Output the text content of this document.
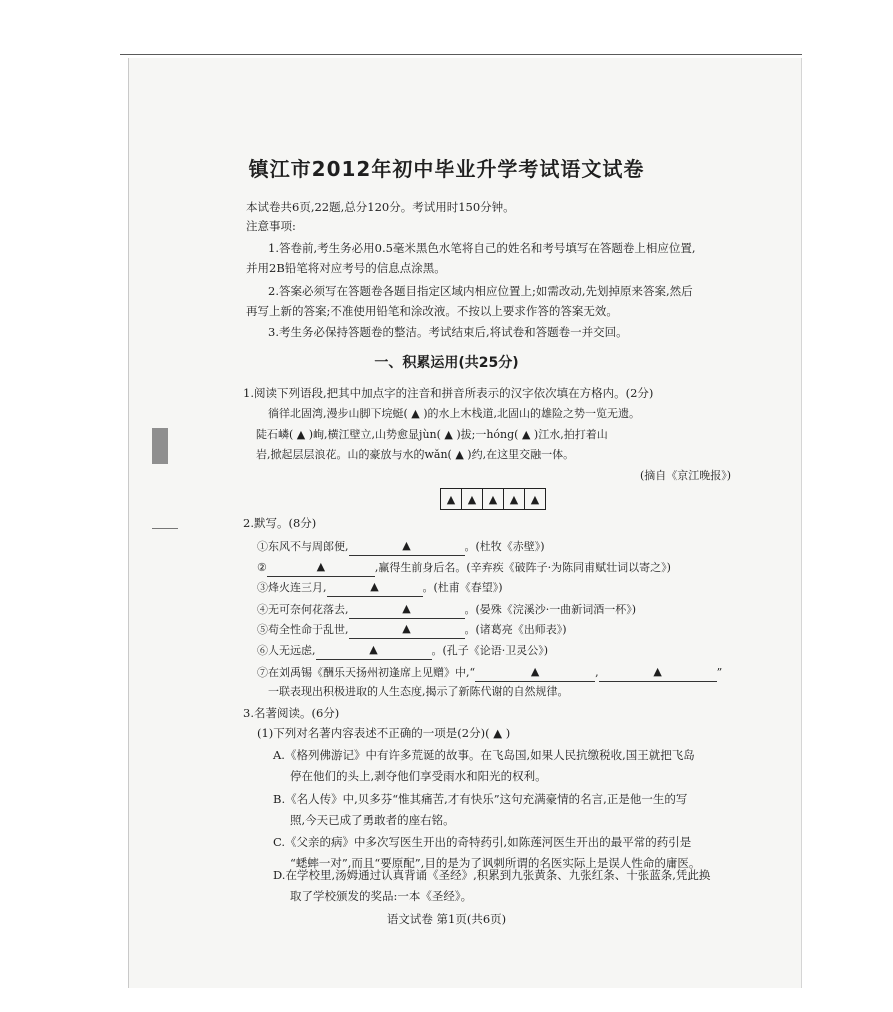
镇江市2012年初中毕业升学考试语文试卷
本试卷共6页,22题,总分120分。考试用时150分钟。
注意事项:
1.答卷前,考生务必用0.5毫米黑色水笔将自己的姓名和考号填写在答题卷上相应位置,
并用2B铅笔将对应考号的信息点涂黑。
2.答案必须写在答题卷各题目指定区域内相应位置上;如需改动,先划掉原来答案,然后
再写上新的答案;不准使用铅笔和涂改液。不按以上要求作答的答案无效。
3.考生务必保持答题卷的整洁。考试结束后,将试卷和答题卷一并交回。
一、积累运用(共25分)
1.阅读下列语段,把其中加点字的注音和拼音所表示的汉字依次填在方格内。(2分)
徜徉北固湾,漫步山脚下垸蜓( ▲ )的水上木栈道,北固山的雄险之势一览无遗。
陡石嶙( ▲ )峋,横江壁立,山势愈显jùn( ▲ )拔;一hóng( ▲ )江水,拍打着山
岩,掀起层层浪花。山的豪放与水的wǎn( ▲ )约,在这里交融一体。
(摘自《京江晚报》)
▲	▲	▲	▲	▲
2.默写。(8分)
①东风不与周郎便,	▲	。(杜牧《赤壁》)
②	▲	,赢得生前身后名。(辛弃疾《破阵子·为陈同甫赋壮词以寄之》)
③烽火连三月,	▲	。(杜甫《春望》)
④无可奈何花落去,	▲	。(晏殊《浣溪沙·一曲新词酒一杯》)
⑤苟全性命于乱世,	▲	。(诸葛亮《出师表》)
⑥人无远虑,	▲	。(孔子《论语·卫灵公》)
⑦在刘禹锡《酬乐天扬州初逢席上见赠》中,“	▲	,	▲	”
一联表现出积极进取的人生态度,揭示了新陈代谢的自然规律。
3.名著阅读。(6分)
(1)下列对名著内容表述不正确的一项是(2分)( ▲ )
A.《格列佛游记》中有许多荒诞的故事。在飞岛国,如果人民抗缴税收,国王就把飞岛
停在他们的头上,剥夺他们享受雨水和阳光的权利。
B.《名人传》中,贝多芬“惟其痛苦,才有快乐”这句充满豪情的名言,正是他一生的写
照,今天已成了勇敢者的座右铭。
C.《父亲的病》中多次写医生开出的奇特药引,如陈莲河医生开出的最平常的药引是
“蟋蟀一对”,而且“要原配”,目的是为了讽刺所谓的名医实际上是误人性命的庸医。
D.在学校里,汤姆通过认真背诵《圣经》,积累到九张黄条、九张红条、十张蓝条,凭此换
取了学校颁发的奖品:一本《圣经》。
语文试卷 第1页(共6页)
